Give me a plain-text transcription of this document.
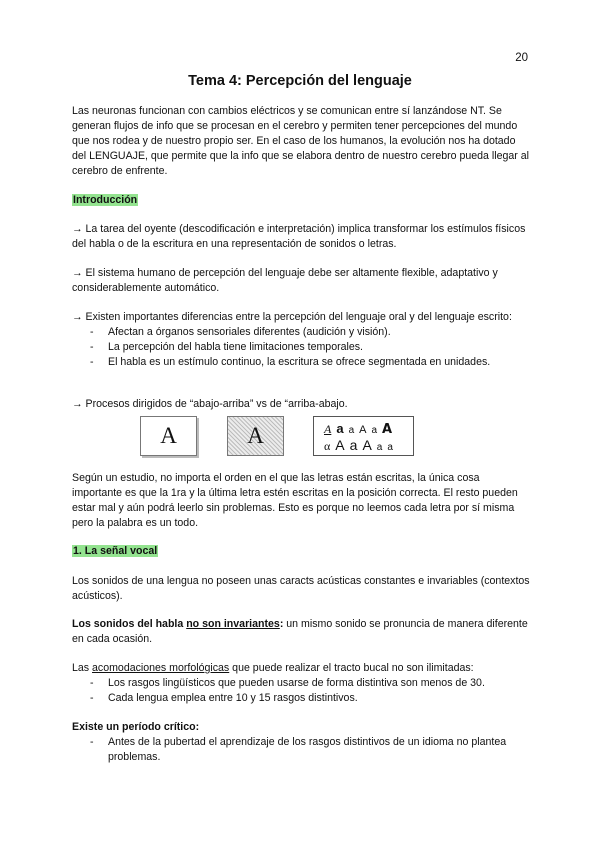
20
Tema 4: Percepción del lenguaje

Las neuronas funcionan con cambios eléctricos y se comunican entre sí lanzándose NT. Se generan flujos de info que se procesan en el cerebro y permiten tener percepciones del mundo que nos rodea y de nuestro propio ser. En el caso de los humanos, la evolución nos ha dotado del LENGUAJE, que permite que la info que se elabora dentro de nuestro cerebro pueda llegar al cerebro de enfrente.

Introducción

→ La tarea del oyente (descodificación e interpretación) implica transformar los estímulos físicos del habla o de la escritura en una representación de sonidos o letras.

→ El sistema humano de percepción del lenguaje debe ser altamente flexible, adaptativo y considerablemente automático.

→ Existen importantes diferencias entre la percepción del lenguaje oral y del lenguaje escrito:
- Afectan a órganos sensoriales diferentes (audición y visión).
- La percepción del habla tiene limitaciones temporales.
- El habla es un estímulo continuo, la escritura se ofrece segmentada en unidades.

→ Procesos dirigidos de “abajo-arriba” vs de “arriba-abajo.

A	A	A a a A a A
α A a A a a

Según un estudio, no importa el orden en el que las letras están escritas, la única cosa importante es que la 1ra y la última letra estén escritas en la posición correcta. El resto pueden estar mal y aún podrá leerlo sin problemas. Esto es porque no leemos cada letra por sí misma pero la palabra es un todo.

1. La señal vocal

Los sonidos de una lengua no poseen unas caracts acústicas constantes e invariables (contextos acústicos).

Los sonidos del habla no son invariantes: un mismo sonido se pronuncia de manera diferente en cada ocasión.

Las acomodaciones morfológicas que puede realizar el tracto bucal no son ilimitadas:
- Los rasgos lingüísticos que pueden usarse de forma distintiva son menos de 30.
- Cada lengua emplea entre 10 y 15 rasgos distintivos.
Existe un período crítico:
- Antes de la pubertad el aprendizaje de los rasgos distintivos de un idioma no plantea problemas.
